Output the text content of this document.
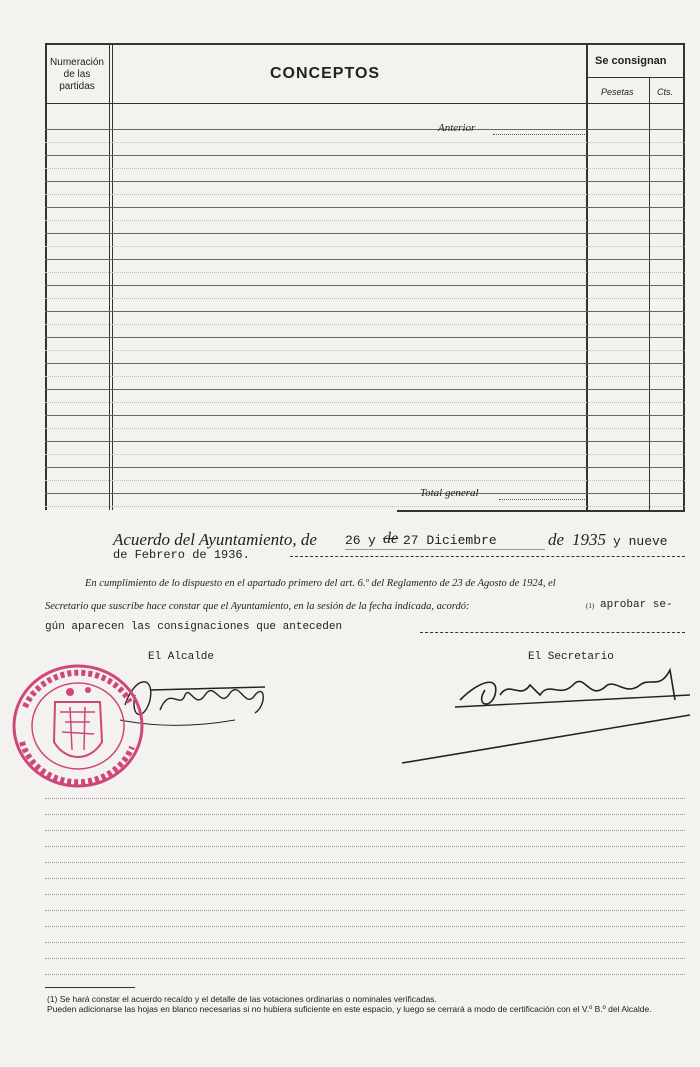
Numeración
de las
partidas
CONCEPTOS
Se consignan
Pesetas	Cts.
Anterior
Total general
Acuerdo del Ayuntamiento, de 26 y de 27 Diciembre	de 1935 y nueve
de Febrero de 1936.
En cumplimiento de lo dispuesto en el apartado primero del art. 6.º del Reglamento de 23 de Agosto de 1924, el
Secretario que suscribe hace constar que el Ayuntamiento, en la sesión de la fecha indicada, acordó:	(1) aprobar se-
gún aparecen las consignaciones que anteceden
El Alcalde	El Secretario
(1) Se hará constar el acuerdo recaído y el detalle de las votaciones ordinarias o nominales verificadas.
Pueden adicionarse las hojas en blanco necesarias si no hubiera suficiente en este espacio, y luego se cerrará a modo de certificación con el V.º B.º del Alcalde.
